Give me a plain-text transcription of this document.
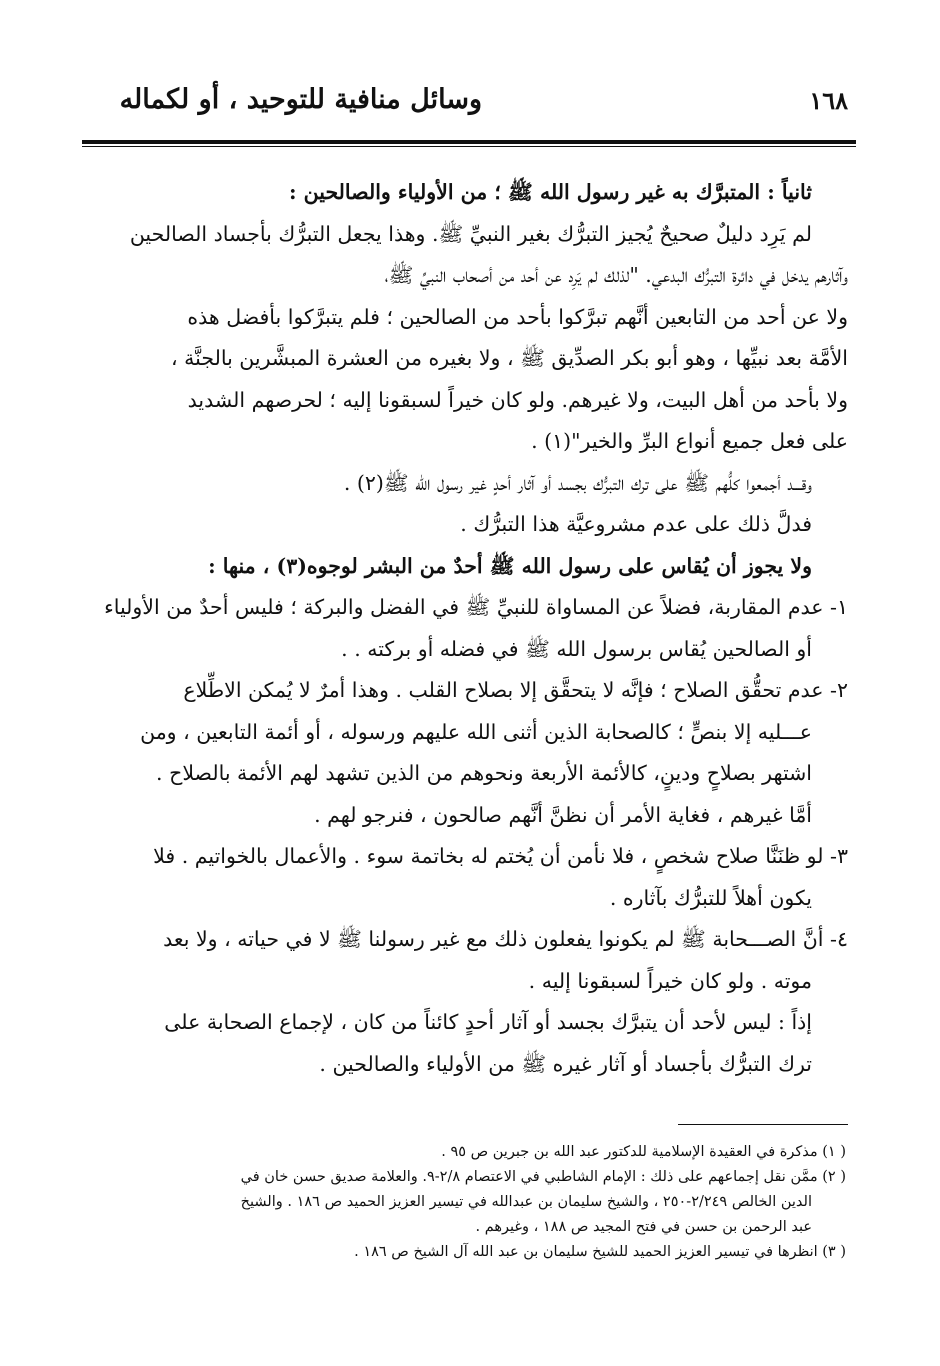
١٦٨
وسائل منافية للتوحيد ، أو لكماله
ثانياً : المتبرَّك به غير رسول الله ﷺ ؛ من الأولياء والصالحين :
لم يَرِد دليلٌ صحيحٌ يُجيز التبرُّك بغير النبيِّ ﷺ. وهذا يجعل التبرُّك بأجساد الصالحين
وآثارهم يدخل في دائرة التبرُّك البدعي. "لذلك لم يَرِد عن أحد من أصحاب النبيِّ ﷺ،
ولا عن أحد من التابعين أنَّهم تبرَّكوا بأحد من الصالحين ؛ فلم يتبرَّكوا بأفضل هذه
الأمَّة بعد نبيِّها ، وهو أبو بكر الصدِّيق ﷺ ، ولا بغيره من العشرة المبشَّرين بالجنَّة ،
ولا بأحد من أهل البيت، ولا غيرهم. ولو كان خيراً لسبقونا إليه ؛ لحرصهم الشديد
على فعل جميع أنواع البرِّ والخير"(١) .
وقـــد أجمعوا كلُّهم ﷺ على ترك التبرُّك بجسد أو آثار أحدٍ غير رسول الله ﷺ(٢) .
فدلَّ ذلك على عدم مشروعيَّة هذا التبرُّك .
ولا يجوز أن يُقاس على رسول الله ﷺ أحدٌ من البشر لوجوه(٣) ، منها :
١- عدم المقاربة، فضلاً عن المساواة للنبيِّ ﷺ في الفضل والبركة ؛ فليس أحدٌ من الأولياء
أو الصالحين يُقاس برسول الله ﷺ في فضله أو بركته . .
٢- عدم تحقُّق الصلاح ؛ فإنَّه لا يتحقَّق إلا بصلاح القلب . وهذا أمرٌ لا يُمكن الاطِّلاع
عـــليه إلا بنصٍّ ؛ كالصحابة الذين أثنى الله عليهم ورسوله ، أو أئمة التابعين ، ومن
اشتهر بصلاحٍ ودينٍ، كالأئمة الأربعة ونحوهم من الذين تشهد لهم الأئمة بالصلاح .
أمَّا غيرهم ، فغاية الأمر أن نظنَّ أنَّهم صالحون ، فنرجو لهم .
٣- لو ظنَنَّا صلاح شخصٍ ، فلا نأمن أن يُختم له بخاتمة سوء . والأعمال بالخواتيم . فلا
يكون أهلاً للتبرُّك بآثاره .
٤- أنَّ الصـــحابة ﷺ لم يكونوا يفعلون ذلك مع غير رسولنا ﷺ لا في حياته ، ولا بعد
موته . ولو كان خيراً لسبقونا إليه .
إذاً : ليس لأحد أن يتبرَّك بجسد أو آثار أحدٍ كائناً من كان ، لإجماع الصحابة على
ترك التبرُّك بأجساد أو آثار غيره ﷺ من الأولياء والصالحين .
( ١) مذكرة في العقيدة الإسلامية للدكتور عبد الله بن جبرين ص ٩٥ .
( ٢) ممَّن نقل إجماعهم على ذلك : الإمام الشاطبي في الاعتصام ٢/٨-٩. والعلامة صديق حسن خان في
الدين الخالص ٢/٢٤٩-٢٥٠ ، والشيخ سليمان بن عبدالله في تيسير العزيز الحميد ص ١٨٦ . والشيخ
عبد الرحمن بن حسن في فتح المجيد ص ١٨٨ ، وغيرهم .
( ٣) انظرها في تيسير العزيز الحميد للشيخ سليمان بن عبد الله آل الشيخ ص ١٨٦ .
